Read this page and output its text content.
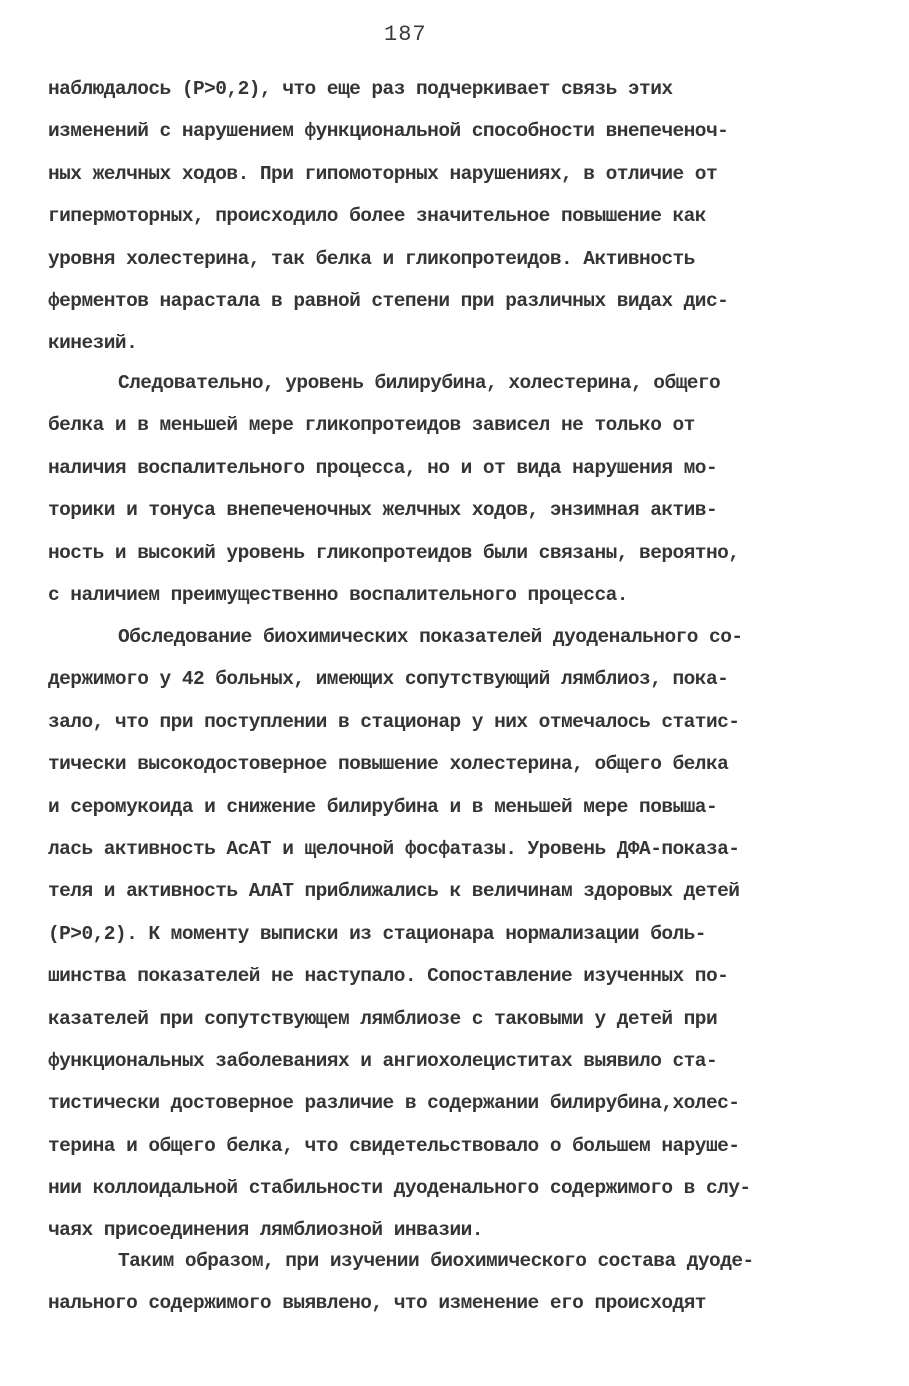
187
наблюдалось (P>0,2), что еще раз подчеркивает связь этих
изменений с нарушением функциональной способности внепеченоч-
ных желчных ходов. При гипомоторных нарушениях, в отличие от
гипермоторных, происходило более значительное повышение как
уровня холестерина, так белка и гликопротеидов. Активность
ферментов нарастала в равной степени при различных видах дис-
кинезий.
Следовательно, уровень билирубина, холестерина, общего
белка и в меньшей мере гликопротеидов зависел не только от
наличия воспалительного процесса, но и от вида нарушения мо-
торики и тонуса внепеченочных желчных ходов, энзимная актив-
ность и высокий уровень гликопротеидов были связаны, вероятно,
с наличием преимущественно воспалительного процесса.
Обследование биохимических показателей дуоденального со-
держимого у 42 больных, имеющих сопутствующий лямблиоз, пока-
зало, что при поступлении в стационар у них отмечалось статис-
тически высокодостоверное повышение холестерина, общего белка
и серомукоида и снижение билирубина и в меньшей мере повыша-
лась активность АсАТ и щелочной фосфатазы. Уровень ДФА-показа-
теля и активность АлАТ приближались к величинам здоровых детей
(P>0,2). К моменту выписки из стационара нормализации боль-
шинства показателей не наступало. Сопоставление изученных по-
казателей при сопутствующем лямблиозе с таковыми у детей при
функциональных заболеваниях и ангиохолециститах выявило ста-
тистически достоверное различие в содержании билирубина,холес-
терина и общего белка, что свидетельствовало о большем наруше-
нии коллоидальной стабильности дуоденального содержимого в слу-
чаях присоединения лямблиозной инвазии.
Таким образом, при изучении биохимического состава дуоде-
нального содержимого выявлено, что изменение его происходят
